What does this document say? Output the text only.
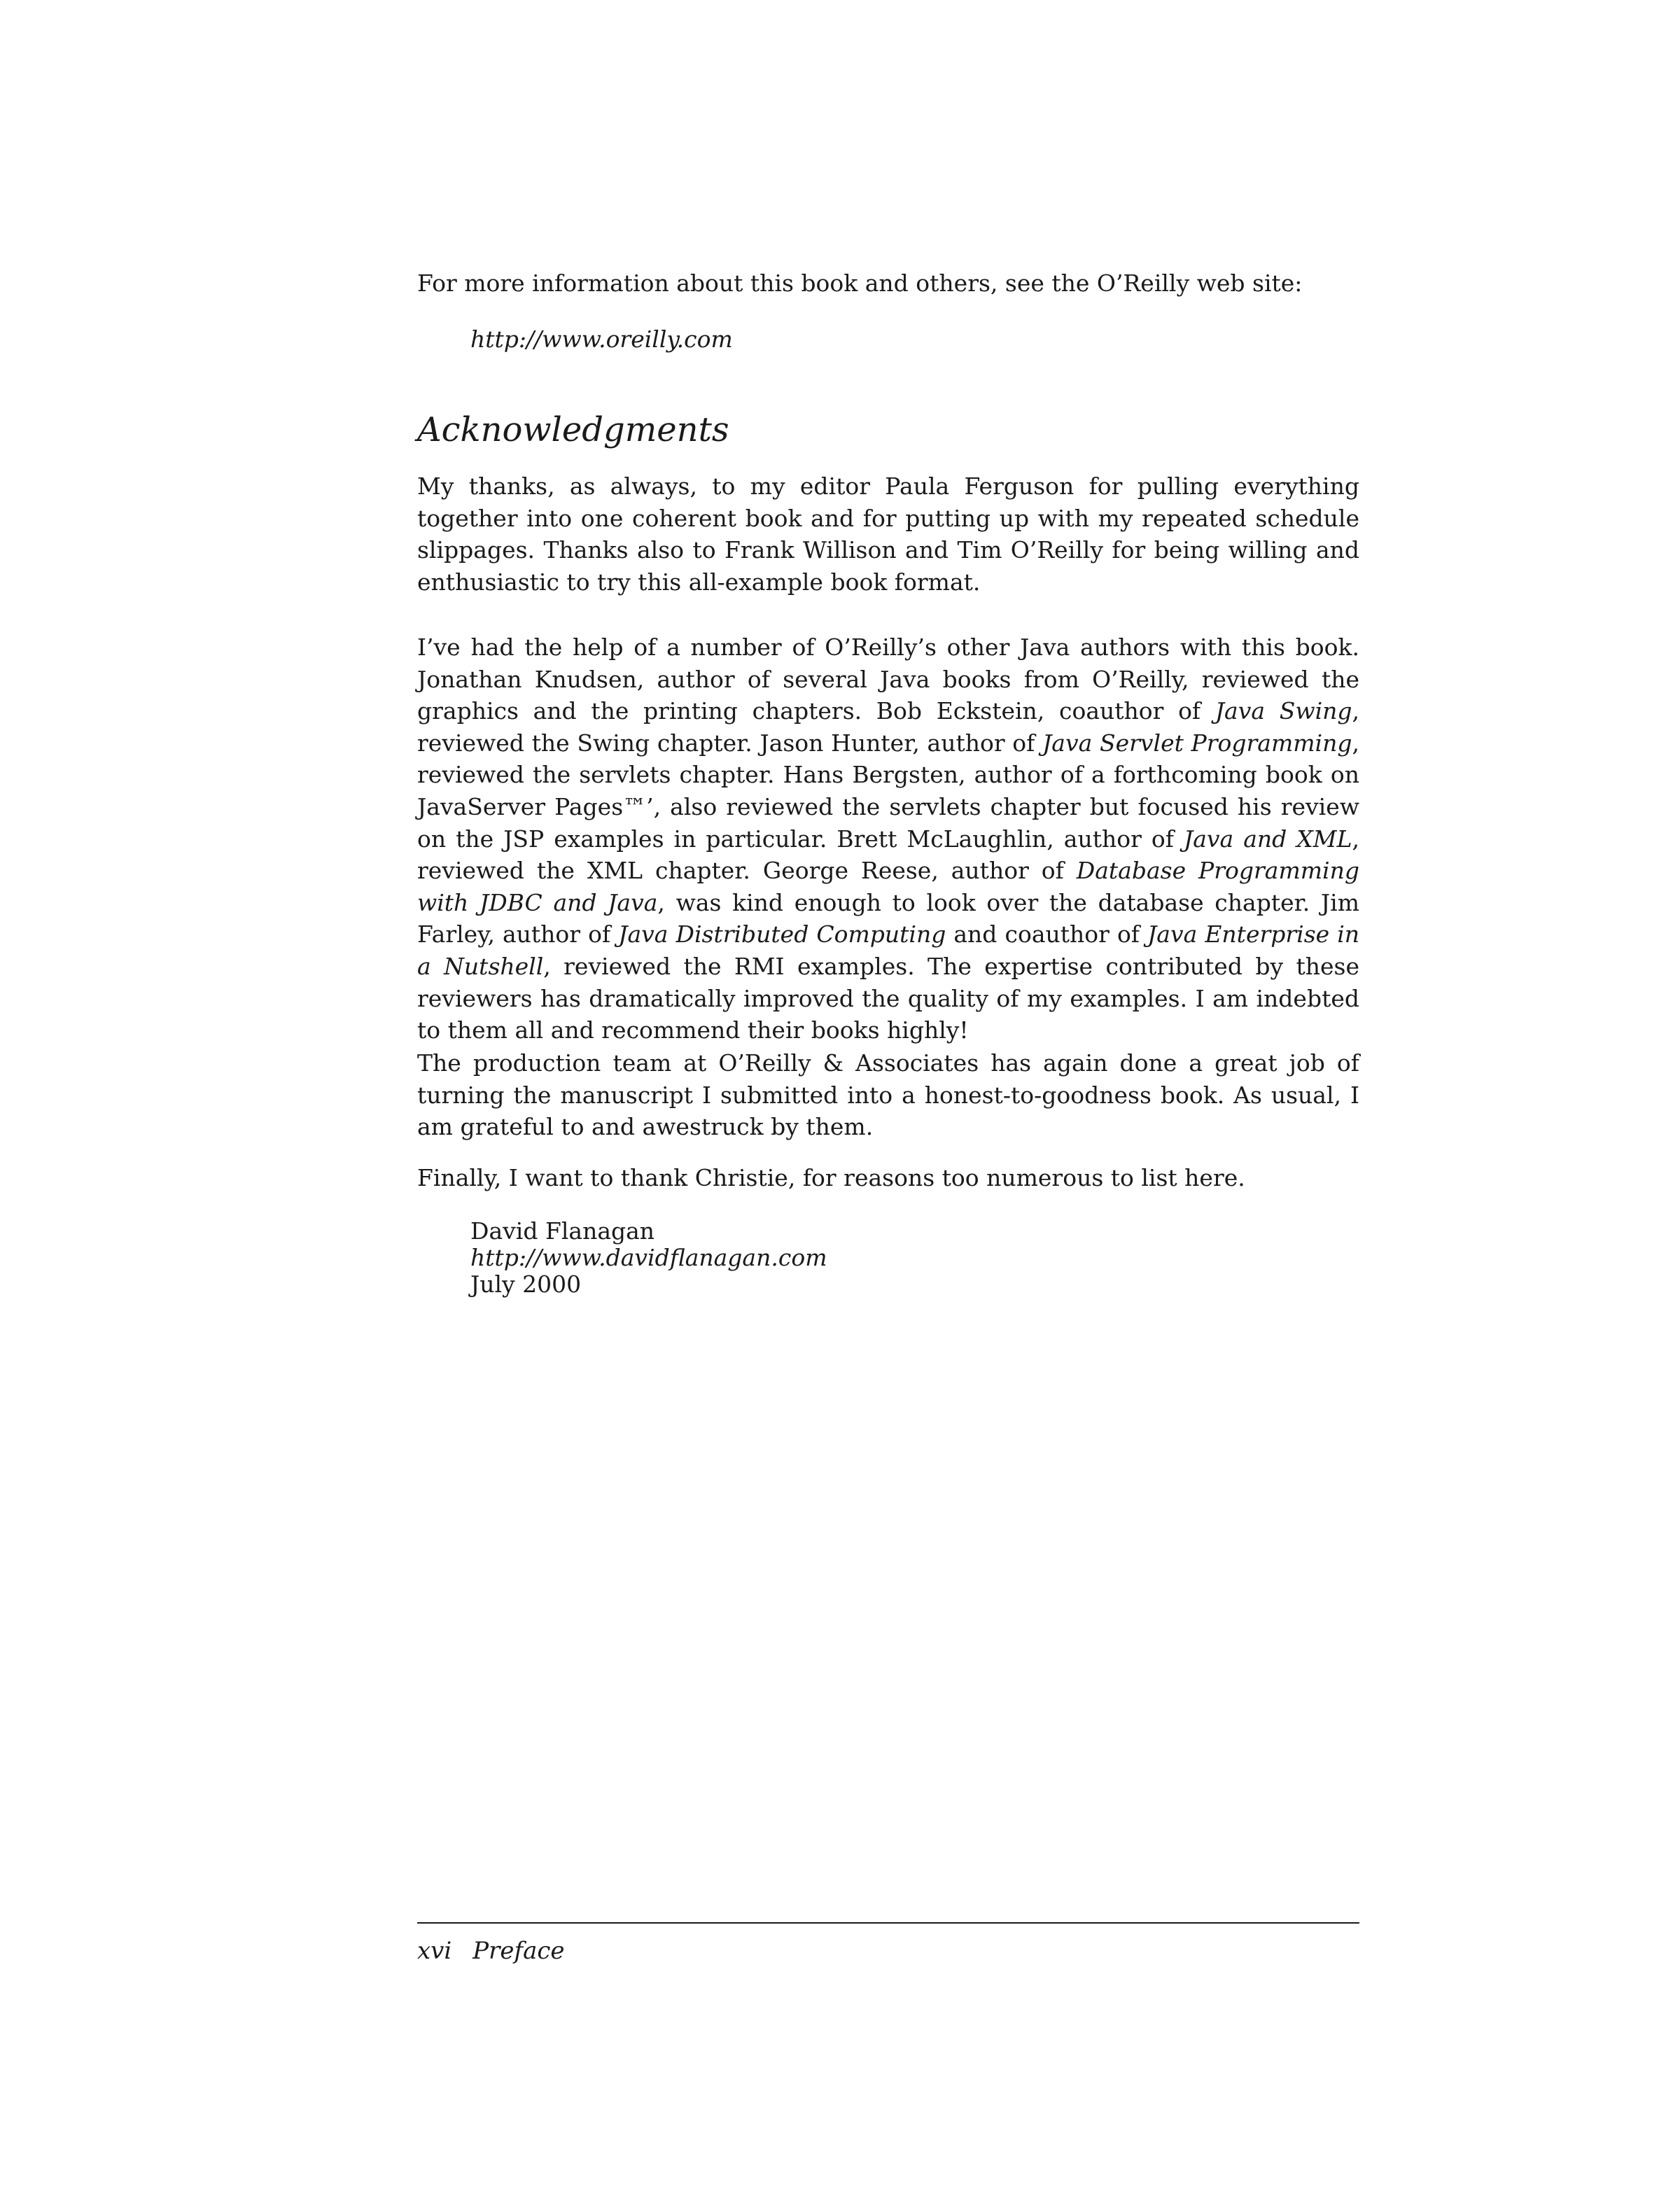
For more information about this book and others, see the O’Reilly web site:

http://www.oreilly.com

Acknowledgments

My thanks, as always, to my editor Paula Ferguson for pulling everything together into one coherent book and for putting up with my repeated schedule slippages. Thanks also to Frank Willison and Tim O’Reilly for being willing and enthusiastic to try this all-example book format.

I’ve had the help of a number of O’Reilly’s other Java authors with this book. Jonathan Knudsen, author of several Java books from O’Reilly, reviewed the graphics and the printing chapters. Bob Eckstein, coauthor of Java Swing, reviewed the Swing chapter. Jason Hunter, author of Java Servlet Programming, reviewed the servlets chapter. Hans Bergsten, author of a forthcoming book on JavaServer Pages™’, also reviewed the servlets chapter but focused his review on the JSP examples in particular. Brett McLaughlin, author of Java and XML, reviewed the XML chapter. George Reese, author of Database Programming with JDBC and Java, was kind enough to look over the database chapter. Jim Farley, author of Java Distributed Computing and coauthor of Java Enterprise in a Nutshell, reviewed the RMI examples. The expertise contributed by these reviewers has dramatically improved the quality of my examples. I am indebted to them all and recommend their books highly!

The production team at O’Reilly & Associates has again done a great job of turning the manuscript I submitted into a honest-to-goodness book. As usual, I am grateful to and awestruck by them.

Finally, I want to thank Christie, for reasons too numerous to list here.

David Flanagan
http://www.davidflanagan.com
July 2000
xvi Preface
